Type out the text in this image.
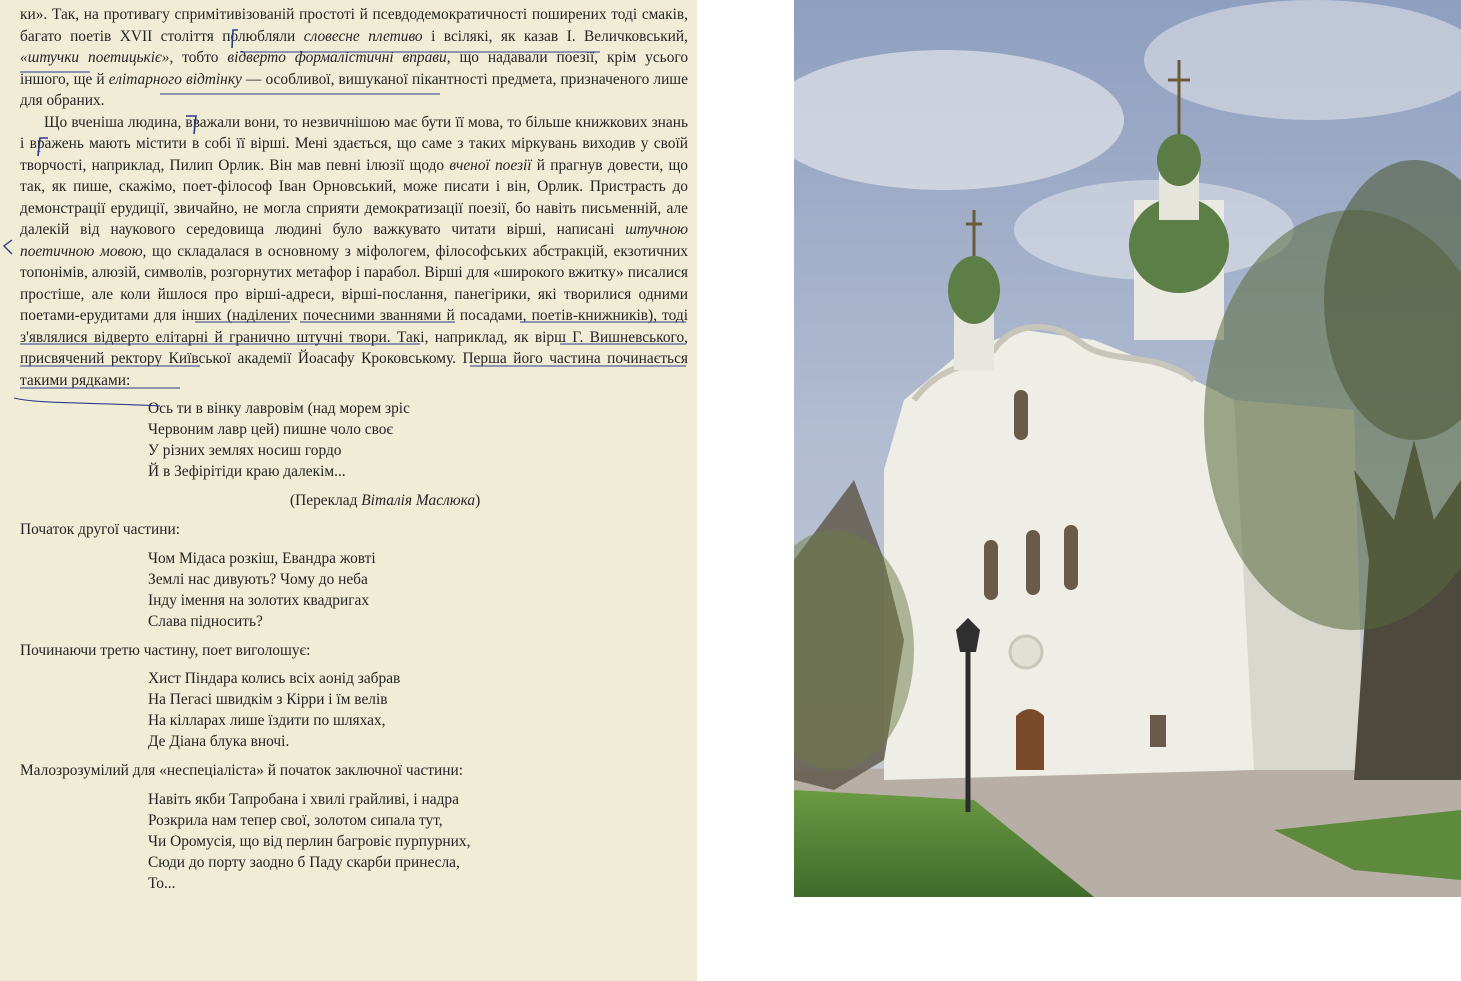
ки». Так, на противагу спримітивізованій простоті й псевдодемократичності поширених тоді смаків, багато поетів XVII століття полюбляли словесне плетиво і всілякі, як казав І. Величковський, «штучки поетицькіє», тобто відверто формалістичні вправи, що надавали поезії, крім усього іншого, ще й елітарного відтінку — особливої, вишуканої пікантності предмета, призначеного лише для обраних.

Що вченіша людина, вважали вони, то незвичнішою має бути її мова, то більше книжкових знань і вражень мають містити в собі її вірші. Мені здається, що саме з таких міркувань виходив у своїй творчості, наприклад, Пилип Орлик. Він мав певні ілюзії щодо вченої поезії й прагнув довести, що так, як пише, скажімо, поет-філософ Іван Орновський, може писати і він, Орлик. Пристрасть до демонстрації ерудиції, звичайно, не могла сприяти демократизації поезії, бо навіть письменній, але далекій від наукового середовища людині було важкувато читати вірші, написані штучною поетичною мовою, що складалася в основному з міфологем, філософських абстракцій, екзотичних топонімів, алюзій, символів, розгорнутих метафор і парабол. Вірші для «широкого вжитку» писалися простіше, але коли йшлося про вірші-адреси, вірші-послання, панегірики, які творилися одними поетами-ерудитами для інших (наділених почесними званнями й посадами, поетів-книжників), тоді з'являлися відверто елітарні й гранично штучні твори. Такі, наприклад, як вірш Г. Вишневського, присвячений ректору Київської академії Йоасафу Кроковському. Перша його частина починається такими рядками:

Ось ти в вінку лавровім (над морем зріс
Червоним лавр цей) пишне чоло своє
У різних землях носиш гордо
Й в Зефірітіди краю далекім...
(Переклад Віталія Маслюка)

Початок другої частини:

Чом Мідаса розкіш, Евандра жовті
Землі нас дивують? Чому до неба
Інду імення на золотих квадригах
Слава підносить?

Починаючи третю частину, поет виголошує:

Хист Піндара колись всіх аонід забрав
На Пегасі швидкім з Кірри і їм велів
На кілларах лише їздити по шляхах,
Де Діана блука вночі.

Малозрозумілий для «неспеціаліста» й початок заключної частини:

Навіть якби Тапробана і хвилі грайливі, і надра
Розкрила нам тепер свої, золотом сипала тут,
Чи Оромусія, що від перлин багровіє пурпурних,
Сюди до порту заодно б Паду скарби принесла,
То...
